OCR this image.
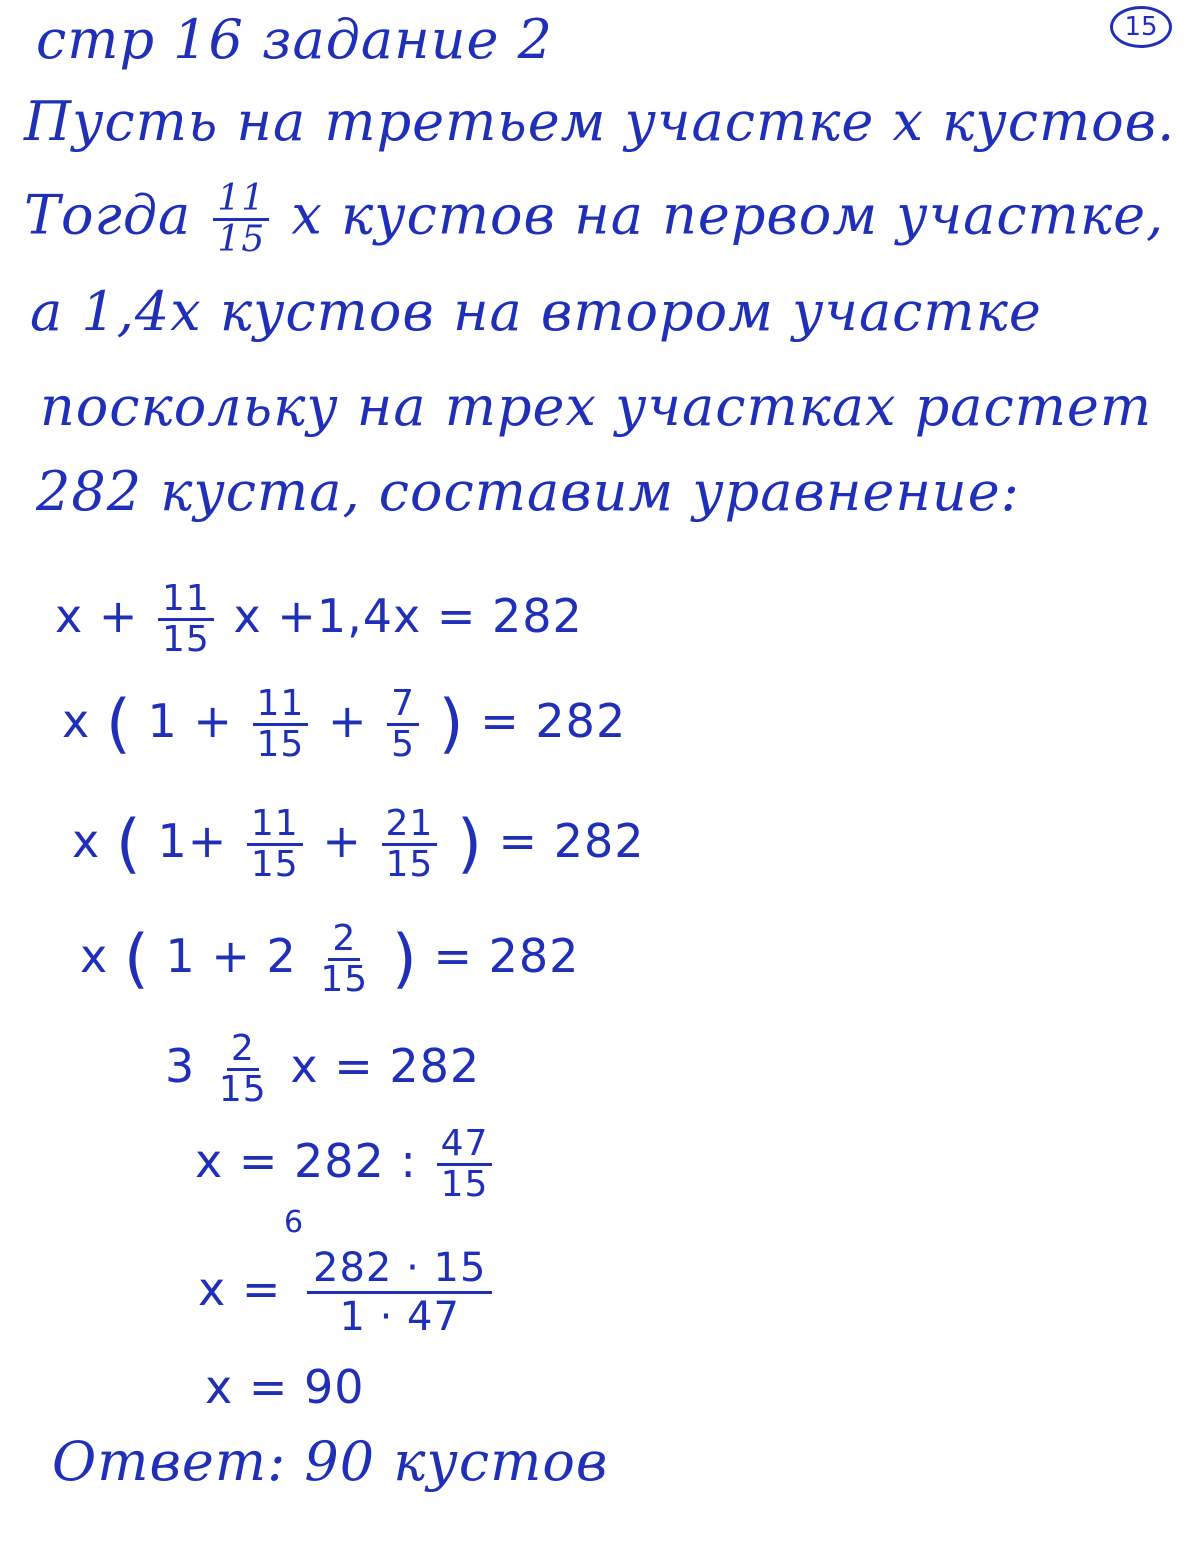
стр 16 задание 2	15
Пусть на третьем участке х кустов.
Тогда $\frac{11}{15}$ х кустов на первом участке,
а 1,4х кустов на втором участке
поскольку на трех участках растет
282 куста, составим уравнение:
$x + \frac{11}{15}$ x +1,4x = 282
x ( $1 + \frac{11}{15} + \frac{7}{5}$ ) = 282
x ( $1+ \frac{11}{15} + \frac{21}{15}$ ) = 282
x ( $1 + 2 \frac{2}{15}$ ) = 282
$3 \frac{2}{15}$ x = 282
x = 282 : $\frac{47}{15}$
6
$x = \frac{282 \cdot 15}{1 \cdot 47}$
x = 90
Ответ: 90 кустов
